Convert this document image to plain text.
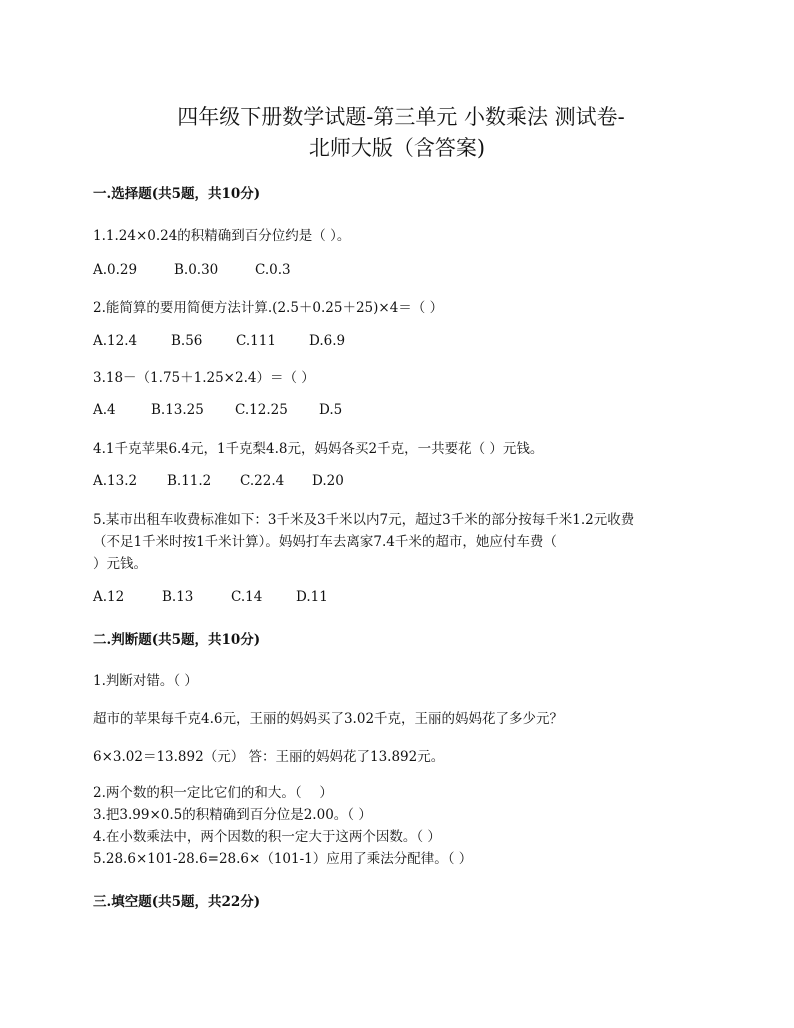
四年级下册数学试题-第三单元 小数乘法 测试卷-
北师大版（含答案)
一.选择题(共5题，共10分)
1.1.24×0.24的积精确到百分位约是（ ）。
A.0.29	B.0.30	C.0.3
2.能简算的要用简便方法计算.(2.5＋0.25＋25)×4＝（ ）
A.12.4	B.56 C.111 D.6.9
3.18－（1.75＋1.25×2.4）＝（ ）
A.4	B.13.25 C.12.25 D.5
4.1千克苹果6.4元，1千克梨4.8元，妈妈各买2千克，一共要花（ ）元钱。
A.13.2 B.11.2 C.22.4 D.20
5.某市出租车收费标准如下：3千米及3千米以内7元，超过3千米的部分按每千米1.2元收费
（不足1千米时按1千米计算）。妈妈打车去离家7.4千米的超市，她应付车费（
）元钱。
A.12	B.13	C.14 D.11
二.判断题(共5题，共10分)
1.判断对错。（ ）
超市的苹果每千克4.6元，王丽的妈妈买了3.02千克，王丽的妈妈花了多少元？
6×3.02＝13.892（元） 答：王丽的妈妈花了13.892元。
2.两个数的积一定比它们的和大。（　 ）
3.把3.99×0.5的积精确到百分位是2.00。（ ）
4.在小数乘法中，两个因数的积一定大于这两个因数。（ ）
5.28.6×101-28.6=28.6×（101-1）应用了乘法分配律。（ ）
三.填空题(共5题，共22分)
